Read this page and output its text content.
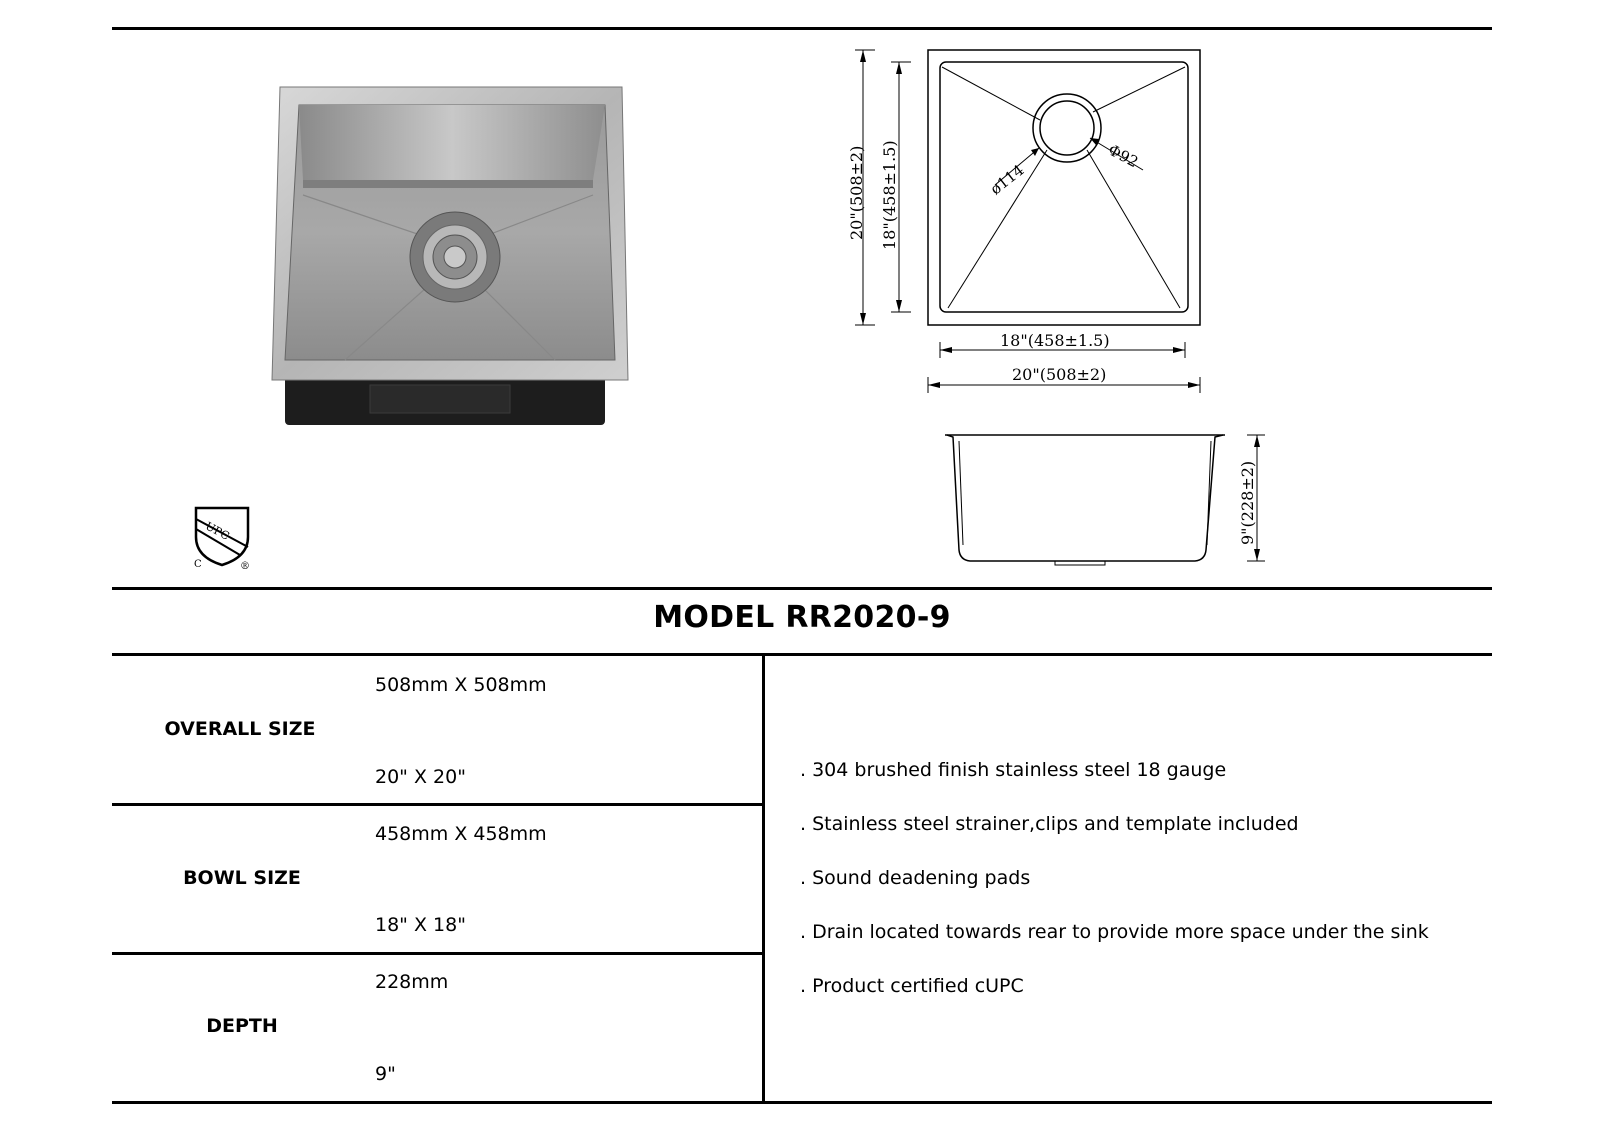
UPC
C	®
ø114
Φ92
20"(508±2) 18"(458±1.5)
18"(458±1.5)
20"(508±2)
9"(228±2)
MODEL RR2020-9
508mm X 508mm
OVERALL SIZE
20" X 20"
458mm X 458mm
BOWL SIZE
18" X 18"
228mm
DEPTH
9"
. 304 brushed finish stainless steel 18 gauge
. Stainless steel strainer,clips and template included
. Sound deadening pads
. Drain located towards rear to provide more space under the sink
. Product certified cUPC
